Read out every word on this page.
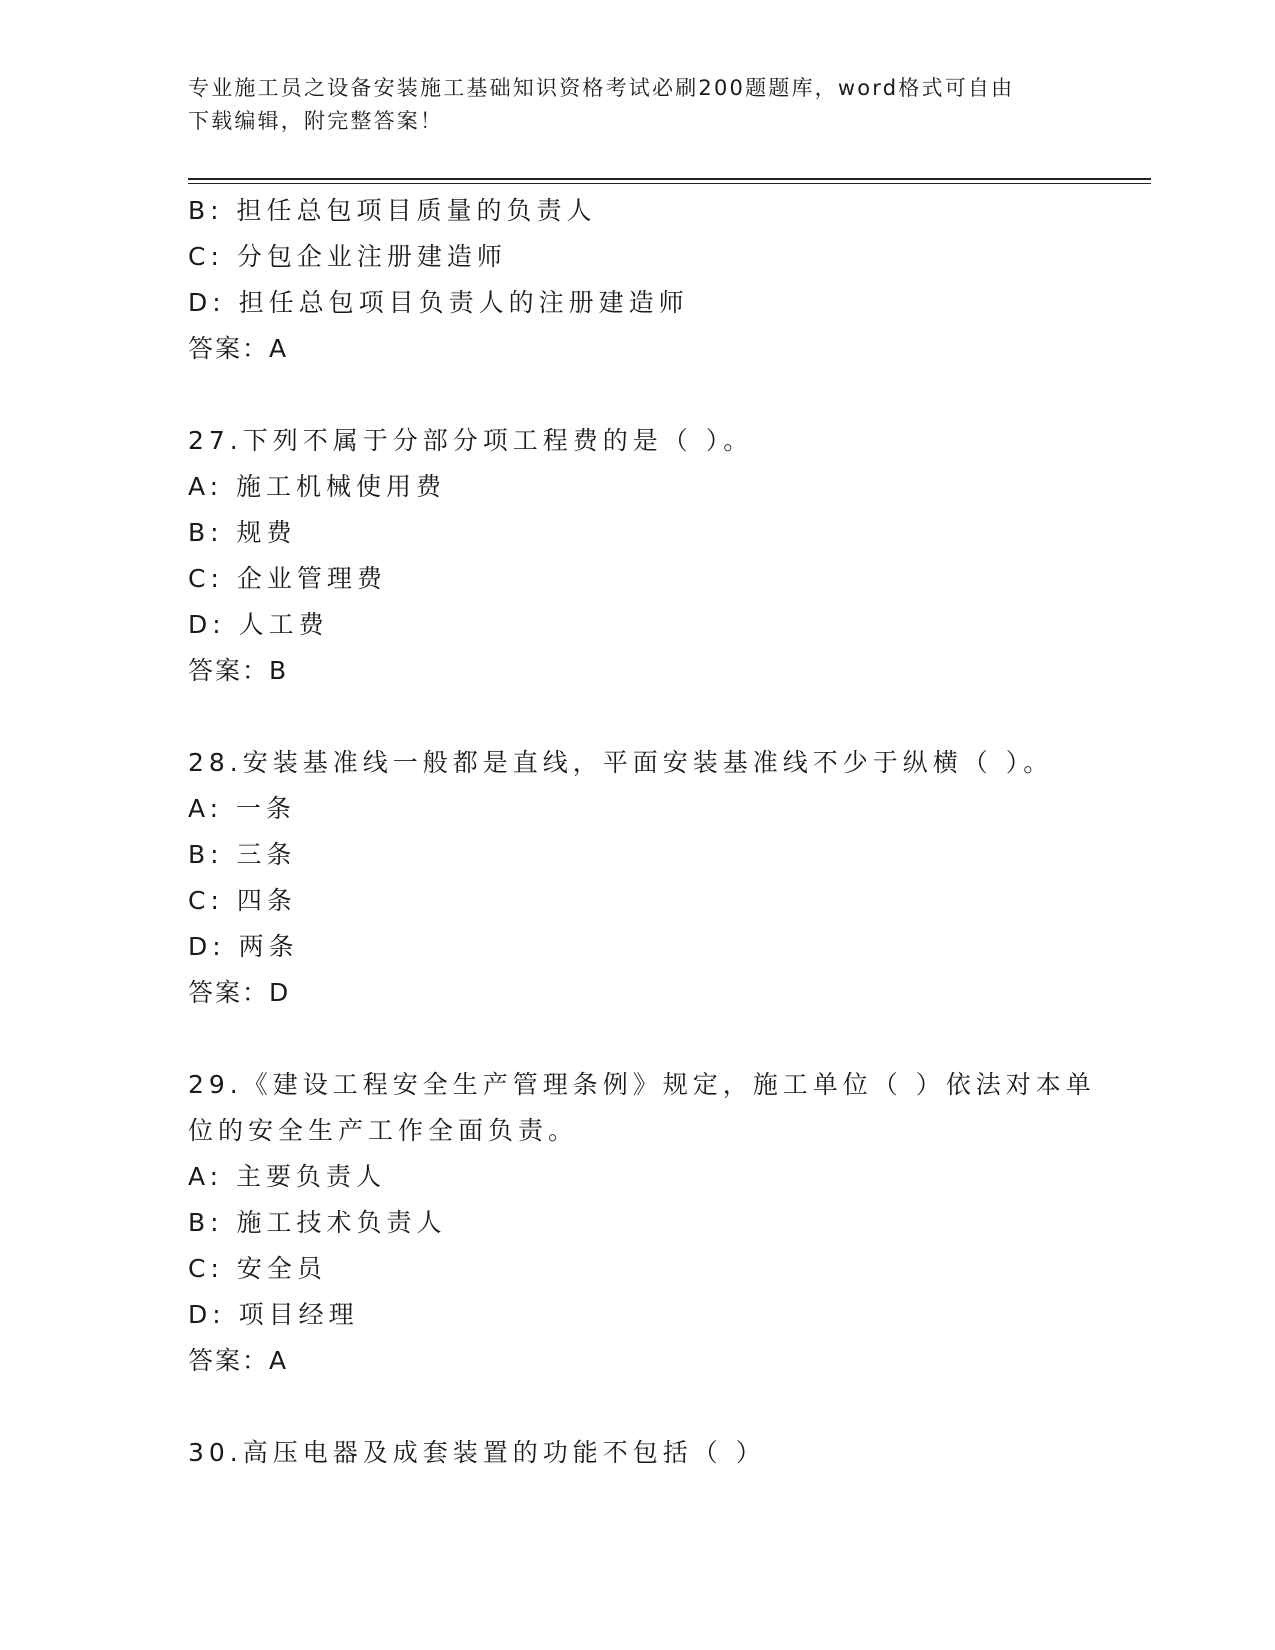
专业施工员之设备安装施工基础知识资格考试必刷200题题库，word格式可自由
下载编辑，附完整答案！
B: 担任总包项目质量的负责人
C: 分包企业注册建造师
D: 担任总包项目负责人的注册建造师
答案：A
27.下列不属于分部分项工程费的是（ ）。
A: 施工机械使用费
B: 规费
C: 企业管理费
D: 人工费
答案：B
28.安装基准线一般都是直线，平面安装基准线不少于纵横（ ）。
A: 一条
B: 三条
C: 四条
D: 两条
答案：D
29.《建设工程安全生产管理条例》规定，施工单位（ ）依法对本单
位的安全生产工作全面负责。
A: 主要负责人
B: 施工技术负责人
C: 安全员
D: 项目经理
答案：A
30.高压电器及成套装置的功能不包括（ ）
